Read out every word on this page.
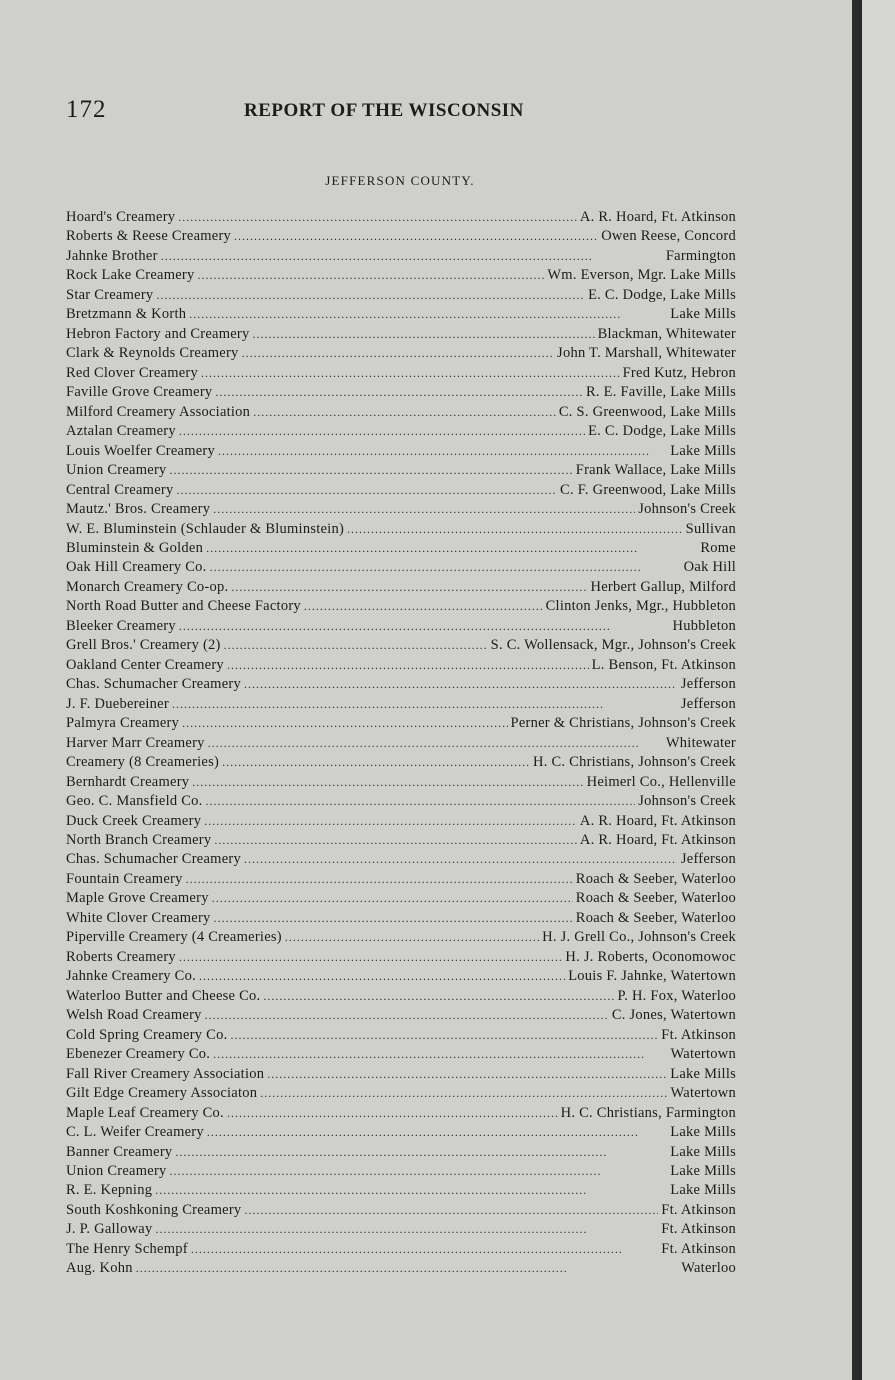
172	REPORT OF THE WISCONSIN
JEFFERSON COUNTY.
Hoard's Creamery . . .	A. R. Hoard, Ft. Atkinson
Roberts & Reese Creamery . . .	Owen Reese, Concord
Jahnke Brother . . .	Farmington
Rock Lake Creamery . . .	Wm. Everson, Mgr. Lake Mills
Star Creamery . . .	E. C. Dodge, Lake Mills
Bretzmann & Korth . . .	Lake Mills
Hebron Factory and Creamery . . .	Blackman, Whitewater
Clark & Reynolds Creamery . . .	John T. Marshall, Whitewater
Red Clover Creamery . . .	Fred Kutz, Hebron
Faville Grove Creamery . . .	R. E. Faville, Lake Mills
Milford Creamery Association . . .	C. S. Greenwood, Lake Mills
Aztalan Creamery . . .	E. C. Dodge, Lake Mills
Louis Woelfer Creamery . . .	Lake Mills
Union Creamery . . .	Frank Wallace, Lake Mills
Central Creamery . . .	C. F. Greenwood, Lake Mills
Mautz.' Bros. Creamery . . .	Johnson's Creek
W. E. Bluminstein (Schlauder & Bluminstein) . . .	Sullivan
Bluminstein & Golden . . .	Rome
Oak Hill Creamery Co. . . .	Oak Hill
Monarch Creamery Co-op. . . .	Herbert Gallup, Milford
North Road Butter and Cheese Factory . . .	Clinton Jenks, Mgr., Hubbleton
Bleeker Creamery . . .	Hubbleton
Grell Bros.' Creamery (2) . . .	S. C. Wollensack, Mgr., Johnson's Creek
Oakland Center Creamery . . .	L. Benson, Ft. Atkinson
Chas. Schumacher Creamery . . .	Jefferson
J. F. Duebereiner . . .	Jefferson
Palmyra Creamery . . .	Perner & Christians, Johnson's Creek
Harver Marr Creamery . . .	Whitewater
Creamery (8 Creameries) . . .	H. C. Christians, Johnson's Creek
Bernhardt Creamery . . .	Heimerl Co., Hellenville
Geo. C. Mansfield Co. . . .	Johnson's Creek
Duck Creek Creamery . . .	A. R. Hoard, Ft. Atkinson
North Branch Creamery . . .	A. R. Hoard, Ft. Atkinson
Chas. Schumacher Creamery . . .	Jefferson
Fountain Creamery . . .	Roach & Seeber, Waterloo
Maple Grove Creamery . . .	Roach & Seeber, Waterloo
White Clover Creamery . . .	Roach & Seeber, Waterloo
Piperville Creamery (4 Creameries) . . .	H. J. Grell Co., Johnson's Creek
Roberts Creamery . . .	H. J. Roberts, Oconomowoc
Jahnke Creamery Co. . . .	Louis F. Jahnke, Watertown
Waterloo Butter and Cheese Co. . . .	P. H. Fox, Waterloo
Welsh Road Creamery . . .	C. Jones, Watertown
Cold Spring Creamery Co. . . .	Ft. Atkinson
Ebenezer Creamery Co. . . .	Watertown
Fall River Creamery Association . . .	Lake Mills
Gilt Edge Creamery Associaton . . .	Watertown
Maple Leaf Creamery Co. . . .	H. C. Christians, Farmington
C. L. Weifer Creamery . . .	Lake Mills
Banner Creamery . . .	Lake Mills
Union Creamery . . .	Lake Mills
R. E. Kepning . . .	Lake Mills
South Koshkoning Creamery . . .	Ft. Atkinson
J. P. Galloway . . .	Ft. Atkinson
The Henry Schempf . . .	Ft. Atkinson
Aug. Kohn . . .	Waterloo
